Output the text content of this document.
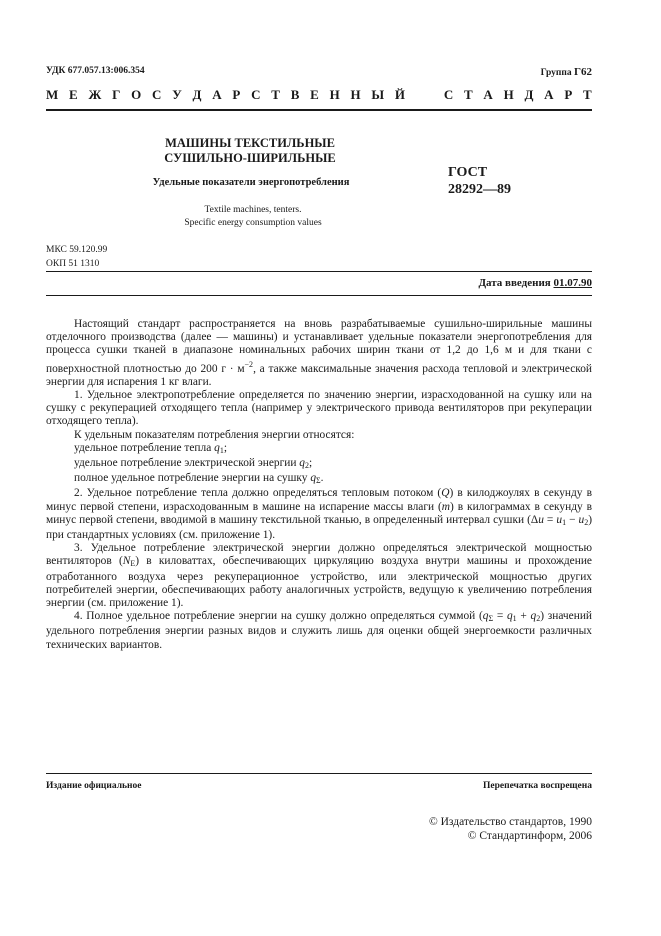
УДК 677.057.13:006.354	Группа Г62
М Е Ж Г О С У Д А Р С Т В Е Н Н Ы Й

	С Т А Н Д А Р Т
МАШИНЫ ТЕКСТИЛЬНЫЕ
СУШИЛЬНО-ШИРИЛЬНЫЕ
Удельные показатели энергопотребления
Textile machines, tenters.
Specific energy consumption values
ГОСТ
28292—89
МКС 59.120.99
ОКП 51 1310
Дата введения 01.07.90

Настоящий стандарт распространяется на вновь разрабатываемые сушильно-ширильные машины отделочного производства (далее — машины) и устанавливает удельные показатели энергопотребления для процесса сушки тканей в диапазоне номинальных рабочих ширин ткани от 1,2 до 1,6 м и для ткани с поверхностной плотностью до 200 $г \cdot м^{-2}$, а также максимальные значения расхода тепловой и электрической энергии для испарения 1 кг влаги.

1. Удельное электропотребление определяется по значению энергии, израсходованной на сушку или на сушку с рекуперацией отходящего тепла (например у электрического привода вентиляторов при рекуперации отходящего тепла).

К удельным показателям потребления энергии относятся:

удельное потребление тепла $q_1$;

удельное потребление электрической энергии $q_2$;

полное удельное потребление энергии на сушку $q_\Sigma$.

2. Удельное потребление тепла должно определяться тепловым потоком (Q) в килоджоулях в секунду в минус первой степени, израсходованным в машине на испарение массы влаги (m) в килограммах в секунду в минус первой степени, вводимой в машину текстильной тканью, в определенный интервал сушки $(\Delta u = u_1 - u_2)$ при стандартных условиях (см. приложение 1).

3. Удельное потребление электрической энергии должно определяться электрической мощностью вентиляторов $(N_E)$ в киловаттах, обеспечивающих циркуляцию воздуха внутри машины и прохождение отработанного воздуха через рекуперационное устройство, или электрической мощностью других потребителей энергии, обеспечивающих работу аналогичных устройств, ведущую к увеличению потребления энергии (см. приложение 1).

4. Полное удельное потребление энергии на сушку должно определяться суммой $(q_\Sigma = q_1 + q_2)$ значений удельного потребления энергии разных видов и служить лишь для оценки общей энергоемкости различных технических вариантов.

Издание официальное	Перепечатка воспрещена
© Издательство стандартов, 1990
© Стандартинформ, 2006
